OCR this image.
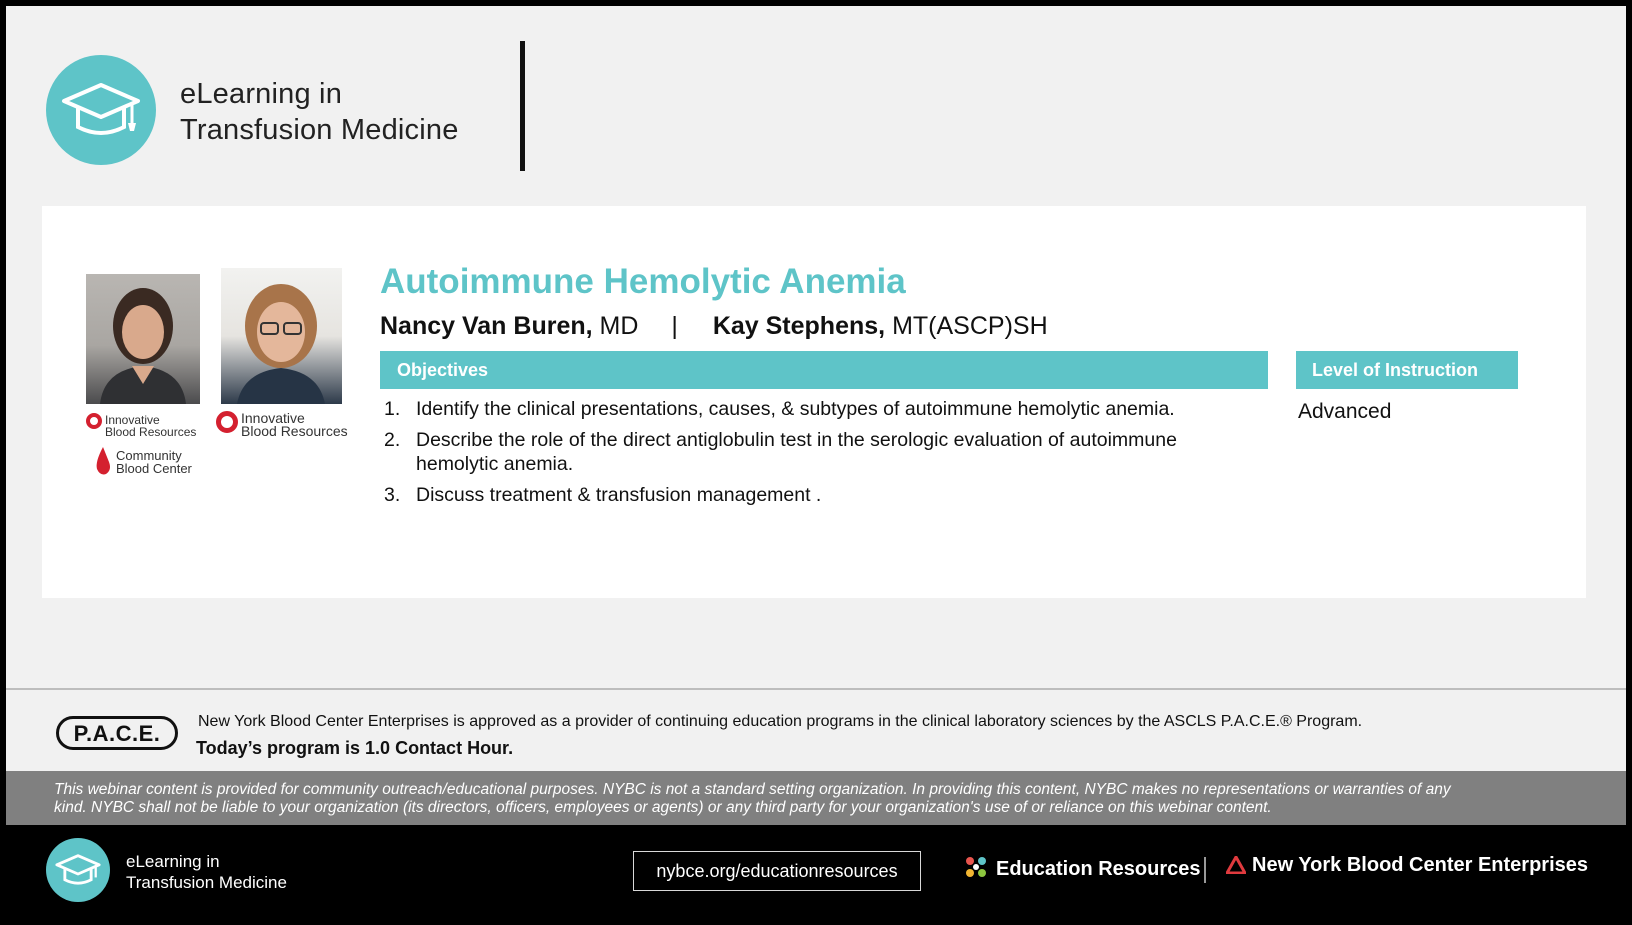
eLearning in
Transfusion Medicine
Innovative
Blood Resources
Innovative
Blood Resources
Community
Blood Center
Autoimmune Hemolytic Anemia
Nancy Van Buren, MD | Kay Stephens, MT(ASCP)SH
Objectives	Level of Instruction
1. Identify the clinical presentations, causes, & subtypes of autoimmune hemolytic anemia.
2. Describe the role of the direct antiglobulin test in the serologic evaluation of autoimmune hemolytic anemia.
3. Discuss treatment & transfusion management .
Advanced
P.A.C.E.	New York Blood Center Enterprises is approved as a provider of continuing education programs in the clinical laboratory sciences by the ASCLS P.A.C.E.® Program.
Today’s program is 1.0 Contact Hour.
This webinar content is provided for community outreach/educational purposes. NYBC is not a standard setting organization. In providing this content, NYBC makes no representations or warranties of any kind. NYBC shall not be liable to your organization (its directors, officers, employees or agents) or any third party for your organization's use of or reliance on this webinar content.
eLearning in
Transfusion Medicine
nybce.org/educationresources	Education Resources	New York Blood Center Enterprises
